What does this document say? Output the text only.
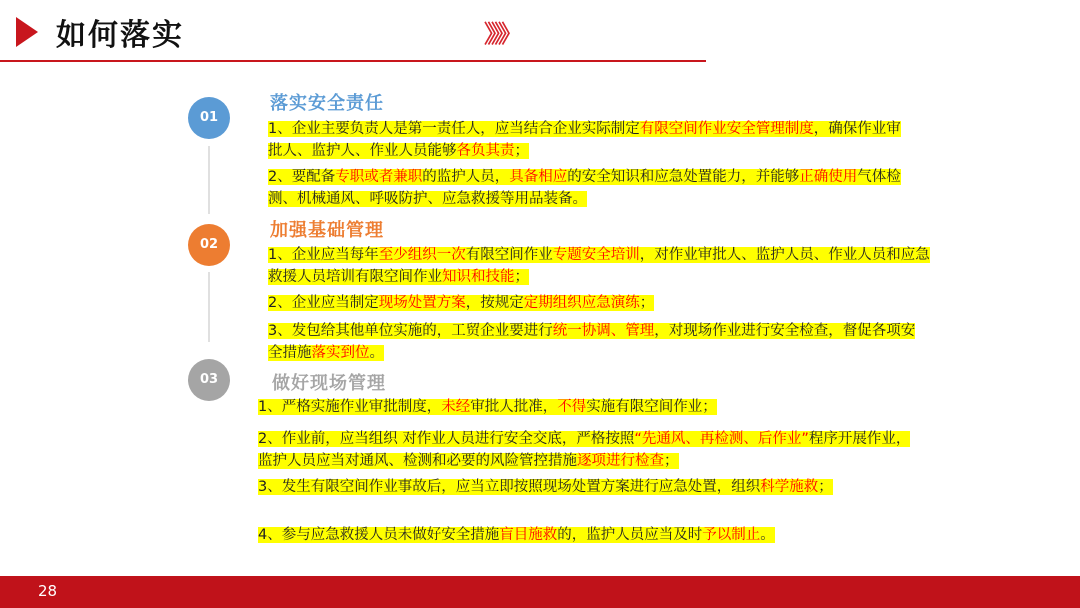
如何落实	》》》
01
落实安全责任
1、企业主要负责人是第一责任人，应当结合企业实际制定有限空间作业安全管理制度，确保作业审批人、监护人、作业人员能够各负其责；
2、要配备专职或者兼职的监护人员，具备相应的安全知识和应急处置能力，并能够正确使用气体检测、机械通风、呼吸防护、应急救援等用品装备。
02
加强基础管理
1、企业应当每年至少组织一次有限空间作业专题安全培训，对作业审批人、监护人员、作业人员和应急救援人员培训有限空间作业知识和技能；
2、企业应当制定现场处置方案，按规定定期组织应急演练；
3、发包给其他单位实施的，工贸企业要进行统一协调、管理，对现场作业进行安全检查，督促各项安全措施落实到位。
03	做好现场管理
1、严格实施作业审批制度，未经审批人批准，不得实施有限空间作业；
2、作业前，应当组织 对作业人员进行安全交底，严格按照“先通风、再检测、后作业”程序开展作业，监护人员应当对通风、检测和必要的风险管控措施逐项进行检查；
3、发生有限空间作业事故后，应当立即按照现场处置方案进行应急处置，组织科学施救；
4、参与应急救援人员未做好安全措施盲目施救的，监护人员应当及时予以制止。
28
